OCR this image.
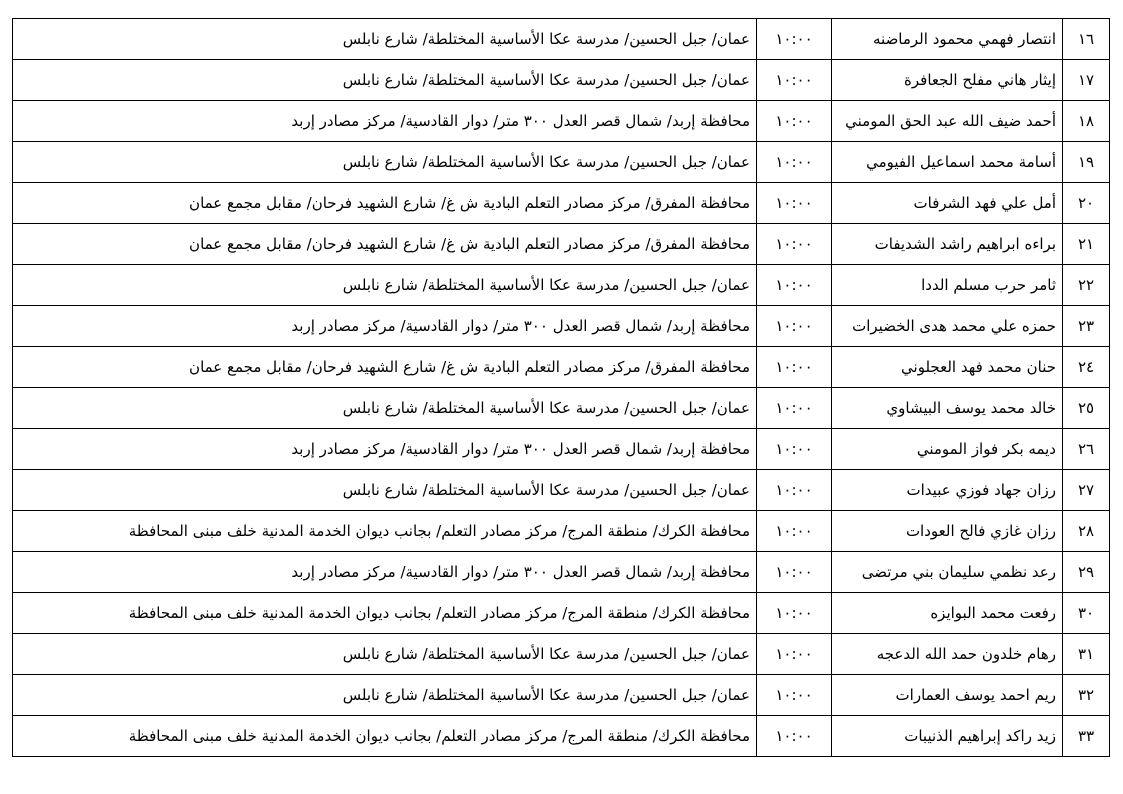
١٦	انتصار فهمي محمود الرماضنه	١٠:٠٠	عمان/ جبل الحسين/ مدرسة عكا الأساسية المختلطة/ شارع نابلس
١٧	إيثار هاني مفلح الجعافرة	١٠:٠٠	عمان/ جبل الحسين/ مدرسة عكا الأساسية المختلطة/ شارع نابلس
١٨	أحمد ضيف الله عبد الحق المومني	١٠:٠٠	محافظة إربد/ شمال قصر العدل ٣٠٠ متر/ دوار القادسية/ مركز مصادر إربد
١٩	أسامة محمد اسماعيل الفيومي	١٠:٠٠	عمان/ جبل الحسين/ مدرسة عكا الأساسية المختلطة/ شارع نابلس
٢٠	أمل علي فهد الشرفات	١٠:٠٠	محافظة المفرق/ مركز مصادر التعلم البادية ش غ/ شارع الشهيد فرحان/ مقابل مجمع عمان
٢١	براءه ابراهيم راشد الشديفات	١٠:٠٠	محافظة المفرق/ مركز مصادر التعلم البادية ش غ/ شارع الشهيد فرحان/ مقابل مجمع عمان
٢٢	ثامر حرب مسلم الددا	١٠:٠٠	عمان/ جبل الحسين/ مدرسة عكا الأساسية المختلطة/ شارع نابلس
٢٣	حمزه علي محمد هدى الخضيرات	١٠:٠٠	محافظة إربد/ شمال قصر العدل ٣٠٠ متر/ دوار القادسية/ مركز مصادر إربد
٢٤	حنان محمد فهد العجلوني	١٠:٠٠	محافظة المفرق/ مركز مصادر التعلم البادية ش غ/ شارع الشهيد فرحان/ مقابل مجمع عمان
٢٥	خالد محمد يوسف البيشاوي	١٠:٠٠	عمان/ جبل الحسين/ مدرسة عكا الأساسية المختلطة/ شارع نابلس
٢٦	ديمه بكر فواز المومني	١٠:٠٠	محافظة إربد/ شمال قصر العدل ٣٠٠ متر/ دوار القادسية/ مركز مصادر إربد
٢٧	رزان جهاد فوزي عبيدات	١٠:٠٠	عمان/ جبل الحسين/ مدرسة عكا الأساسية المختلطة/ شارع نابلس
٢٨	رزان غازي فالح العودات	١٠:٠٠	محافظة الكرك/ منطقة المرج/ مركز مصادر التعلم/ بجانب ديوان الخدمة المدنية خلف مبنى المحافظة
٢٩	رعد نظمي سليمان بني مرتضى	١٠:٠٠	محافظة إربد/ شمال قصر العدل ٣٠٠ متر/ دوار القادسية/ مركز مصادر إربد
٣٠	رفعت محمد البوايزه	١٠:٠٠	محافظة الكرك/ منطقة المرج/ مركز مصادر التعلم/ بجانب ديوان الخدمة المدنية خلف مبنى المحافظة
٣١	رهام خلدون حمد الله الدعجه	١٠:٠٠	عمان/ جبل الحسين/ مدرسة عكا الأساسية المختلطة/ شارع نابلس
٣٢	ريم احمد يوسف العمارات	١٠:٠٠	عمان/ جبل الحسين/ مدرسة عكا الأساسية المختلطة/ شارع نابلس
٣٣	زيد راكد إبراهيم الذنيبات	١٠:٠٠	محافظة الكرك/ منطقة المرج/ مركز مصادر التعلم/ بجانب ديوان الخدمة المدنية خلف مبنى المحافظة
